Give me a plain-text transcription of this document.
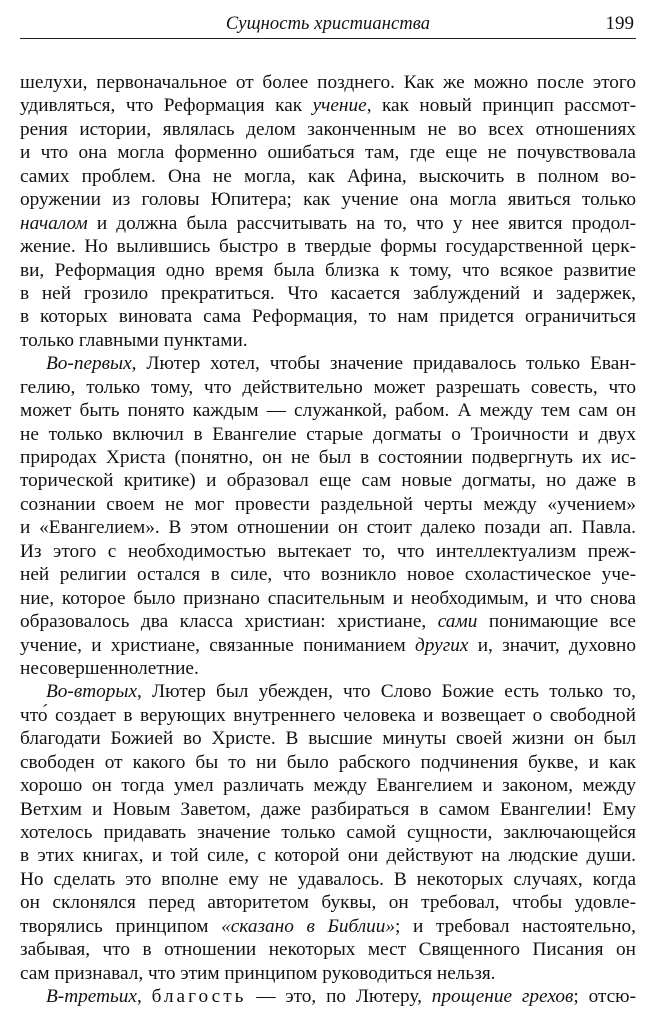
Сущность христианства	199
шелухи, первоначальное от более позднего. Как же можно после этого
удивляться, что Реформация как учение, как новый принцип рассмот-
рения истории, являлась делом законченным не во всех отношениях
и что она могла форменно ошибаться там, где еще не почувствовала
самих проблем. Она не могла, как Афина, выскочить в полном во-
оружении из головы Юпитера; как учение она могла явиться только
началом и должна была рассчитывать на то, что у нее явится продол-
жение. Но вылившись быстро в твердые формы государственной церк-
ви, Реформация одно время была близка к тому, что всякое развитие
в ней грозило прекратиться. Что касается заблуждений и задержек,
в которых виновата сама Реформация, то нам придется ограничиться
только главными пунктами.
Во-первых, Лютер хотел, чтобы значение придавалось только Еван-
гелию, только тому, что действительно может разрешать совесть, что
может быть понято каждым — служанкой, рабом. А между тем сам он
не только включил в Евангелие старые догматы о Троичности и двух
природах Христа (понятно, он не был в состоянии подвергнуть их ис-
торической критике) и образовал еще сам новые догматы, но даже в
сознании своем не мог провести раздельной черты между «учением»
и «Евангелием». В этом отношении он стоит далеко позади ап. Павла.
Из этого с необходимостью вытекает то, что интеллектуализм преж-
ней религии остался в силе, что возникло новое схоластическое уче-
ние, которое было признано спасительным и необходимым, и что снова
образовалось два класса христиан: христиане, сами понимающие все
учение, и христиане, связанные пониманием других и, значит, духовно
несовершеннолетние.
Во-вторых, Лютер был убежден, что Слово Божие есть только то,
что́ создает в верующих внутреннего человека и возвещает о свободной
благодати Божией во Христе. В высшие минуты своей жизни он был
свободен от какого бы то ни было рабского подчинения букве, и как
хорошо он тогда умел различать между Евангелием и законом, между
Ветхим и Новым Заветом, даже разбираться в самом Евангелии! Ему
хотелось придавать значение только самой сущности, заключающейся
в этих книгах, и той силе, с которой они действуют на людские души.
Но сделать это вполне ему не удавалось. В некоторых случаях, когда
он склонялся перед авторитетом буквы, он требовал, чтобы удовле-
творялись принципом «сказано в Библии»; и требовал настоятельно,
забывая, что в отношении некоторых мест Священного Писания он
сам признавал, что этим принципом руководиться нельзя.
В-третьих, благость — это, по Лютеру, прощение грехов; отсю-
